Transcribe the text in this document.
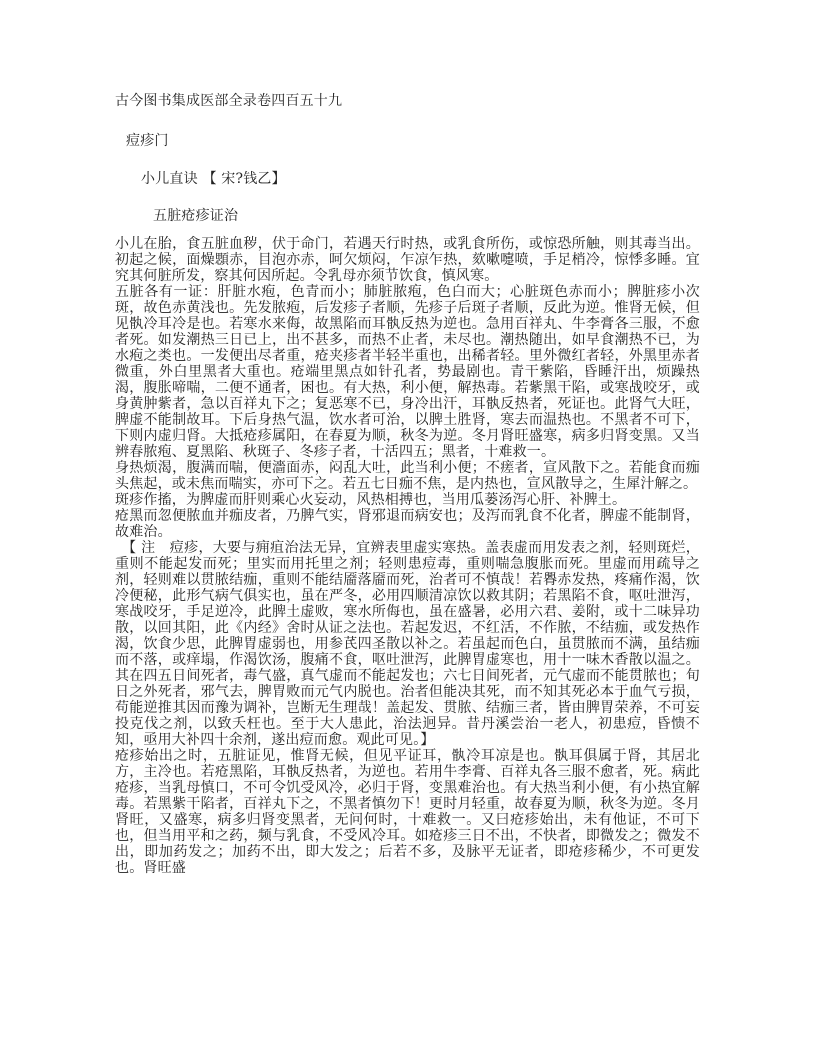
古今图书集成医部全录卷四百五十九
痘疹门
小儿直诀 【 宋?钱乙】
五脏疮疹证治

小儿在胎，食五脏血秽，伏于命门，若遇天行时热，或乳食所伤，或惊恐所触，则其毒当出。初起之候，面燥顋赤，目泡亦赤，呵欠烦闷，乍凉乍热，欬嗽嚏喷，手足梢冷，惊悸多睡。宜究其何脏所发，察其何因所起。令乳母亦须节饮食，慎风寒。

五脏各有一证：肝脏水疱，色青而小；肺脏脓疱，色白而大；心脏斑色赤而小；脾脏疹小次斑，故色赤黄浅也。先发脓疱，后发疹子者顺，先疹子后斑子者顺，反此为逆。惟肾无候，但见骫冷耳冷是也。若寒水来侮，故黑陷而耳骫反热为逆也。急用百祥丸、牛李膏各三服，不愈者死。如发潮热三日已上，出不甚多，而热不止者，未尽也。潮热随出，如早食潮热不已，为水疱之类也。一发便出尽者重，疮夹疹者半轻半重也，出稀者轻。里外微红者轻，外黑里赤者微重，外白里黑者大重也。疮端里黑点如针孔者，势最剧也。青干紫陷，昏睡汗出，烦躁热渴，腹胀啼喘，二便不通者，困也。有大热，利小便，解热毒。若紫黑干陷，或寒战咬牙，或身黄肿紫者，急以百祥丸下之；复恶寒不已，身冷出汗，耳骫反热者，死证也。此肾气大旺，脾虚不能制故耳。下后身热气温，饮水者可治，以脾土胜肾，寒去而温热也。不黑者不可下，下则内虚归肾。大抵疮疹属阳，在春夏为顺，秋冬为逆。冬月肾旺盛寒，病多归肾变黑。又当辨春脓疱、夏黑陷、秋斑子、冬疹子者，十活四五；黑者，十难救一。

身热烦渴，腹满而喘，便濇面赤，闷乱大吐，此当利小便；不瘥者，宣风散下之。若能食而痂头焦起，或未焦而喘实，亦可下之。若五七日痂不焦，是内热也，宣风散导之，生犀汁解之。

斑疹作搐，为脾虚而肝则乘心火妄动，风热相搏也，当用瓜蒌汤泻心肝、补脾土。

疮黑而忽便脓血并痂皮者，乃脾气实，肾邪退而病安也；及泻而乳食不化者，脾虚不能制肾，故难治。

【 注　痘疹，大要与痈疽治法无异，宜辨表里虚实寒热。盖表虚而用发表之剂，轻则斑烂，重则不能起发而死；里实而用托里之剂；轻则患痘毒，重则喘急腹胀而死。里虚而用疏导之剂，轻则难以贯脓结痂，重则不能结靥落靥而死，治者可不慎哉！若臖赤发热，疼痛作渴，饮冷便秘，此形气病气俱实也，虽在严冬，必用四顺清凉饮以救其阴；若黑陷不食，呕吐泄泻，寒战咬牙，手足逆冷，此脾土虚败，寒水所侮也，虽在盛暑，必用六君、姜附，或十二味异功散，以回其阳，此《内经》舍时从证之法也。若起发迟，不红活，不作脓，不结痂，或发热作渴，饮食少思，此脾胃虚弱也，用参芪四圣散以补之。若虽起而色白，虽贯脓而不满，虽结痂而不落，或痒塌，作渴饮汤，腹痛不食，呕吐泄泻，此脾胃虚寒也，用十一味木香散以温之。其在四五日间死者，毒气盛，真气虚而不能起发也；六七日间死者，元气虚而不能贯脓也；旬日之外死者，邪气去，脾胃败而元气内脱也。治者但能决其死，而不知其死必本于血气亏损，苟能逆推其因而豫为调补，岂断无生理哉！盖起发、贯脓、结痂三者，皆由脾胃荣养，不可妄投克伐之剂，以致夭枉也。至于大人患此，治法迥异。昔丹溪尝治一老人，初患痘，昏愦不知，亟用大补四十余剂，遂出痘而愈。观此可见。】

疮疹始出之时，五脏证见，惟肾无候，但见平证耳，骫冷耳凉是也。骫耳俱属于肾，其居北方，主冷也。若疮黑陷，耳骫反热者，为逆也。若用牛李膏、百祥丸各三服不愈者，死。病此疮疹，当乳母慎口，不可令饥受风冷，必归于肾，变黑难治也。有大热当利小便，有小热宜解毒。若黑紫干陷者，百祥丸下之，不黑者慎勿下！更时月轻重，故春夏为顺，秋冬为逆。冬月肾旺，又盛寒，病多归肾变黑者，无问何时，十难救一。又曰疮疹始出，未有他证，不可下也，但当用平和之药，频与乳食，不受风冷耳。如疮疹三日不出，不快者，即微发之；微发不出，即加药发之；加药不出，即大发之；后若不多，及脉平无证者，即疮疹稀少，不可更发也。肾旺盛
